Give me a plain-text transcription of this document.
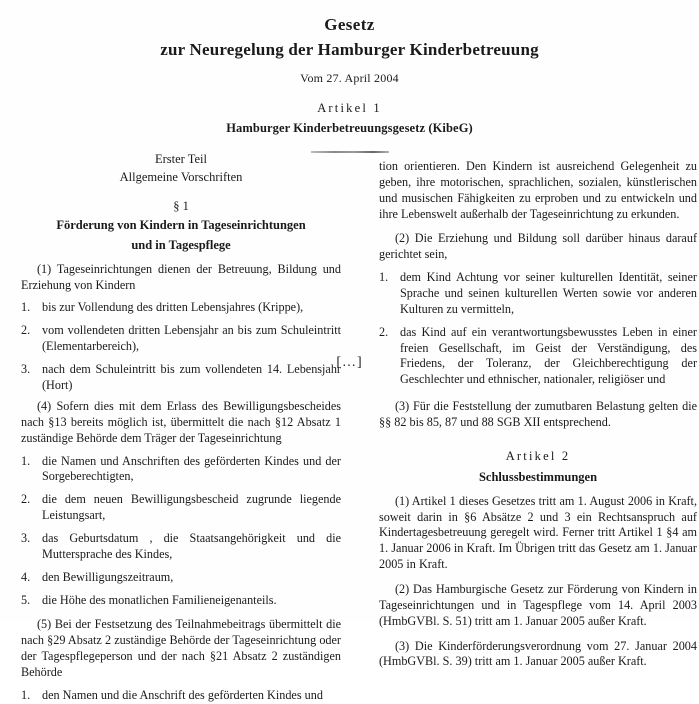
Gesetz
zur Neuregelung der Hamburger Kinderbetreuung
Vom 27. April 2004
Artikel 1
Hamburger Kinderbetreuungsgesetz (KibeG)
Erster Teil
Allgemeine Vorschriften
§ 1
Förderung von Kindern in Tageseinrichtungen
und in Tagespflege

(1) Tageseinrichtungen dienen der Betreuung, Bildung und Erziehung von Kindern

1. bis zur Vollendung des dritten Lebensjahres (Krippe),
2. vom vollendeten dritten Lebensjahr an bis zum Schuleintritt (Elementarbereich),
3. nach dem Schuleintritt bis zum vollendeten 14. Lebensjahr (Hort)

tion orientieren. Den Kindern ist ausreichend Gelegenheit zu geben, ihre motorischen, sprachlichen, sozialen, künstlerischen und musischen Fähigkeiten zu erproben und zu entwickeln und ihre Lebenswelt außerhalb der Tageseinrichtung zu erkunden.

(2) Die Erziehung und Bildung soll darüber hinaus darauf gerichtet sein,

1. dem Kind Achtung vor seiner kulturellen Identität, seiner Sprache und seinen kulturellen Werten sowie vor anderen Kulturen zu vermitteln,
2. das Kind auf ein verantwortungsbewusstes Leben in einer freien Gesellschaft, im Geist der Verständigung, des Friedens, der Toleranz, der Gleichberechtigung der Geschlechter und ethnischer, nationaler, religiöser und
[…]

(4) Sofern dies mit dem Erlass des Bewilligungsbescheides nach §13 bereits möglich ist, übermittelt die nach §12 Absatz 1 zuständige Behörde dem Träger der Tageseinrichtung

1. die Namen und Anschriften des geförderten Kindes und der Sorgeberechtigten,
2. die dem neuen Bewilligungsbescheid zugrunde liegende Leistungsart,
3. das Geburtsdatum , die Staatsangehörigkeit und die Muttersprache des Kindes,
4. den Bewilligungszeitraum,
5. die Höhe des monatlichen Familieneigenanteils.

(5) Bei der Festsetzung des Teilnahmebeitrags übermittelt die nach §29 Absatz 2 zuständige Behörde der Tageseinrichtung oder der Tagespflegeperson und der nach §21 Absatz 2 zuständigen Behörde

1. den Namen und die Anschrift des geförderten Kindes und

(3) Für die Feststellung der zumutbaren Belastung gelten die §§ 82 bis 85, 87 und 88 SGB XII entsprechend.

Artikel 2
Schlussbestimmungen

(1) Artikel 1 dieses Gesetzes tritt am 1. August 2006 in Kraft, soweit darin in §6 Absätze 2 und 3 ein Rechtsanspruch auf Kindertagesbetreuung geregelt wird. Ferner tritt Artikel 1 §4 am 1. Januar 2006 in Kraft. Im Übrigen tritt das Gesetz am 1. Januar 2005 in Kraft.

(2) Das Hamburgische Gesetz zur Förderung von Kindern in Tageseinrichtungen und in Tagespflege vom 14. April 2003 (HmbGVBl. S. 51) tritt am 1. Januar 2005 außer Kraft.

(3) Die Kinderförderungsverordnung vom 27. Januar 2004 (HmbGVBl. S. 39) tritt am 1. Januar 2005 außer Kraft.
